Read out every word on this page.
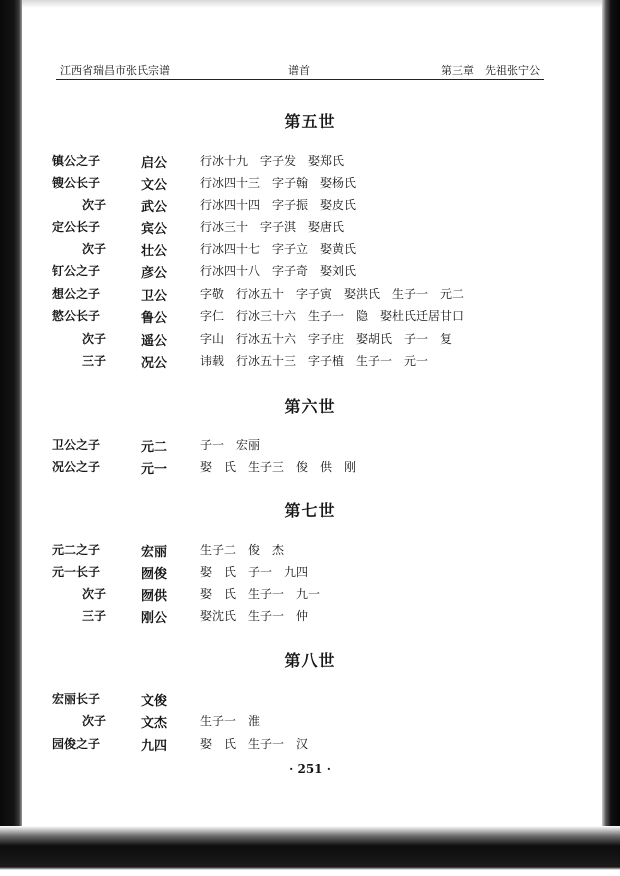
江西省瑞昌市张氏宗谱	谱首	第三章　先祖张宁公
第五世
镇公之子	启公	行冰十九　字子发　娶郑氏
锼公长子	文公	行冰四十三　字子翰　娶杨氏
次子	武公	行冰四十四　字子振　娶皮氏
定公长子	宾公	行冰三十　字子淇　娶唐氏
次子	壮公	行冰四十七　字子立　娶黄氏
钉公之子	彦公	行冰四十八　字子奇　娶刘氏
想公之子	卫公	字敬　行冰五十　字子寅　娶洪氏　生子一　元二
慾公长子	鲁公	字仁　行冰三十六　生子一　隐　娶杜氏迁居甘口
次子	遥公	字山　行冰五十六　字子庄　娶胡氏　子一　复
三子	况公	讳载　行冰五十三　字子植　生子一　元一
第六世
卫公之子	元二	子一　宏丽
况公之子	元一	娶　氏　生子三　俊　供　刚
第七世
元二之子	宏丽	生子二　俊　杰
元一长子	囫俊	娶　氏　子一　九四
次子	囫供	娶　氏　生子一　九一
三子	刚公	娶沈氏　生子一　仲
第八世
宏丽长子	文俊
次子	文杰	生子一　淮
园俊之子	九四	娶　氏　生子一　汉
· 251 ·
